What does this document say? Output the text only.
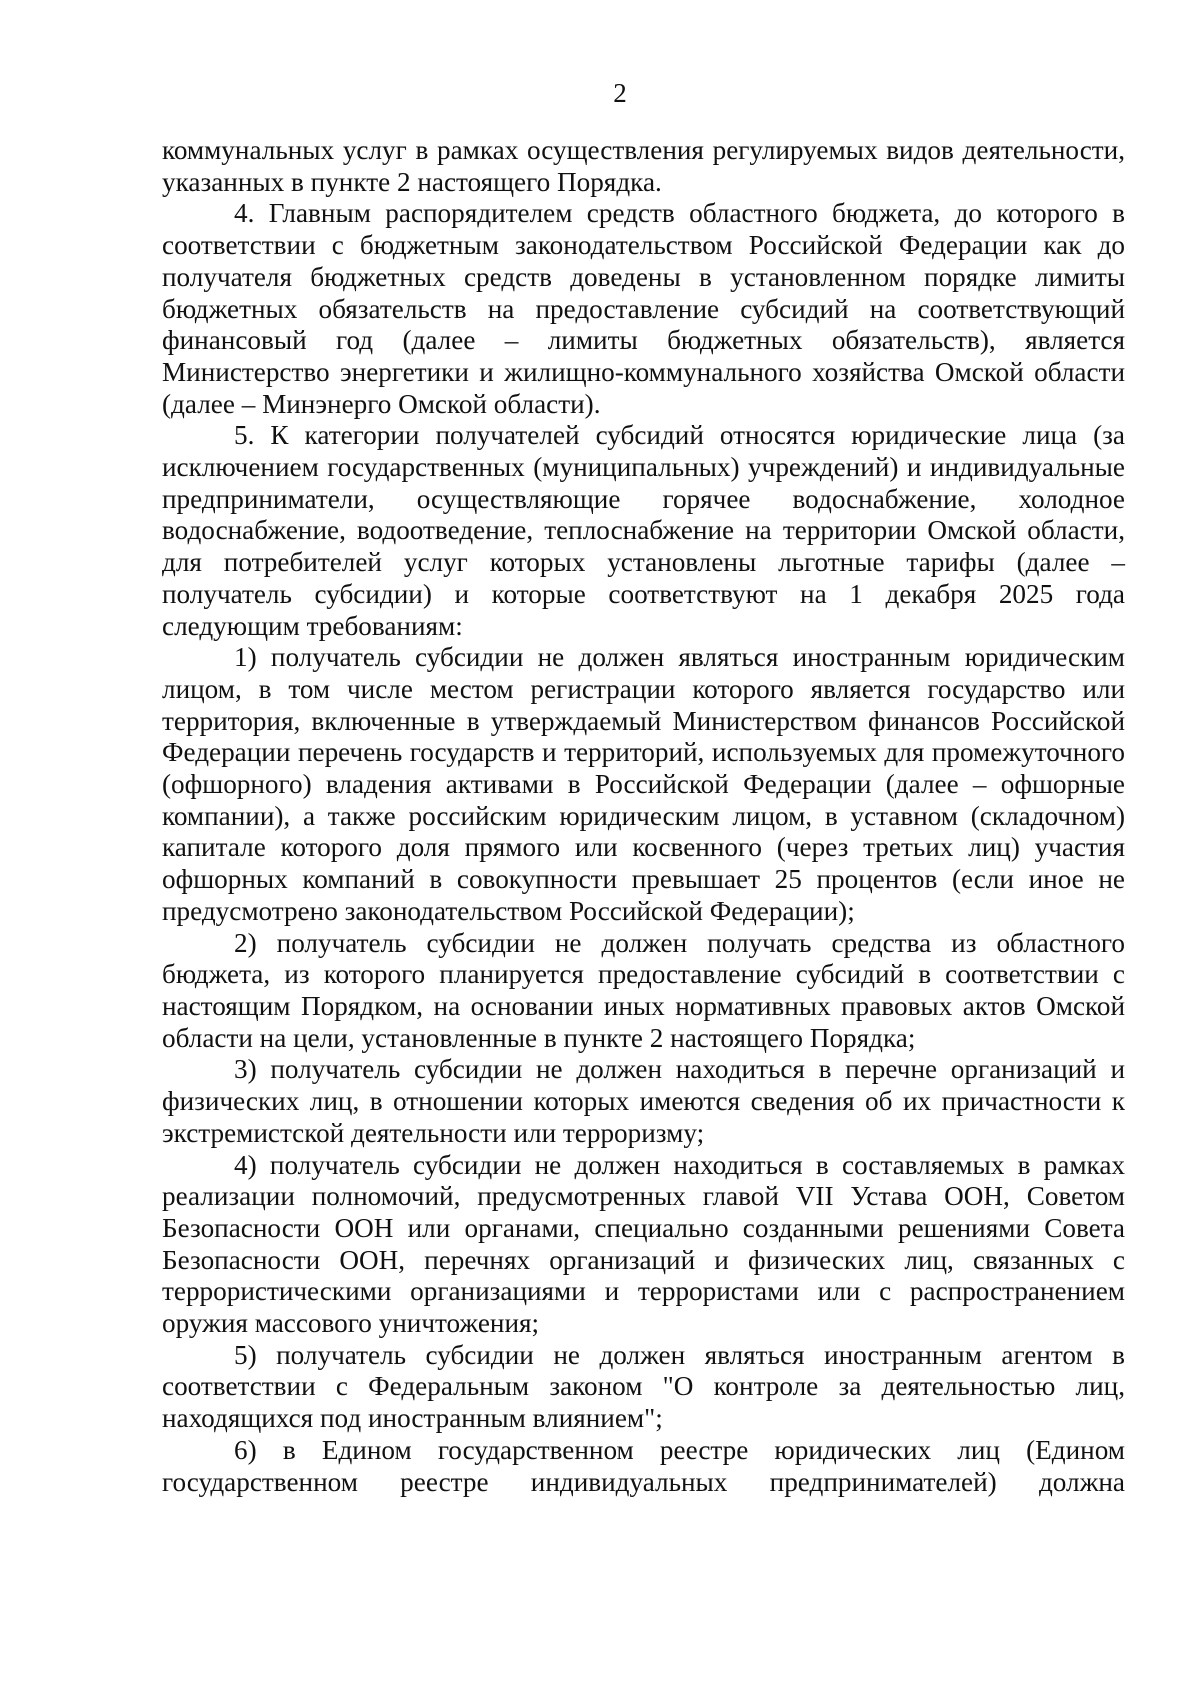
2

коммунальных услуг в рамках осуществления регулируемых видов деятельности, указанных в пункте 2 настоящего Порядка.

4. Главным распорядителем средств областного бюджета, до которого в соответствии с бюджетным законодательством Российской Федерации как до получателя бюджетных средств доведены в установленном порядке лимиты бюджетных обязательств на предоставление субсидий на соответствующий финансовый год (далее – лимиты бюджетных обязательств), является Министерство энергетики и жилищно-коммунального хозяйства Омской области (далее – Минэнерго Омской области).

5. К категории получателей субсидий относятся юридические лица (за исключением государственных (муниципальных) учреждений) и индивидуальные предприниматели, осуществляющие горячее водоснабжение, холодное водоснабжение, водоотведение, теплоснабжение на территории Омской области, для потребителей услуг которых установлены льготные тарифы (далее – получатель субсидии) и которые соответствуют на 1 декабря 2025 года следующим требованиям:

1) получатель субсидии не должен являться иностранным юридическим лицом, в том числе местом регистрации которого является государство или территория, включенные в утверждаемый Министерством финансов Российской Федерации перечень государств и территорий, используемых для промежуточного (офшорного) владения активами в Российской Федерации (далее – офшорные компании), а также российским юридическим лицом, в уставном (складочном) капитале которого доля прямого или косвенного (через третьих лиц) участия офшорных компаний в совокупности превышает 25 процентов (если иное не предусмотрено законодательством Российской Федерации);

2) получатель субсидии не должен получать средства из областного бюджета, из которого планируется предоставление субсидий в соответствии с настоящим Порядком, на основании иных нормативных правовых актов Омской области на цели, установленные в пункте 2 настоящего Порядка;

3) получатель субсидии не должен находиться в перечне организаций и физических лиц, в отношении которых имеются сведения об их причастности к экстремистской деятельности или терроризму;

4) получатель субсидии не должен находиться в составляемых в рамках реализации полномочий, предусмотренных главой VII Устава ООН, Советом Безопасности ООН или органами, специально созданными решениями Совета Безопасности ООН, перечнях организаций и физических лиц, связанных с террористическими организациями и террористами или с распространением оружия массового уничтожения;

5) получатель субсидии не должен являться иностранным агентом в соответствии с Федеральным законом "О контроле за деятельностью лиц, находящихся под иностранным влиянием";

6) в Едином государственном реестре юридических лиц (Едином государственном реестре индивидуальных предпринимателей) должна
